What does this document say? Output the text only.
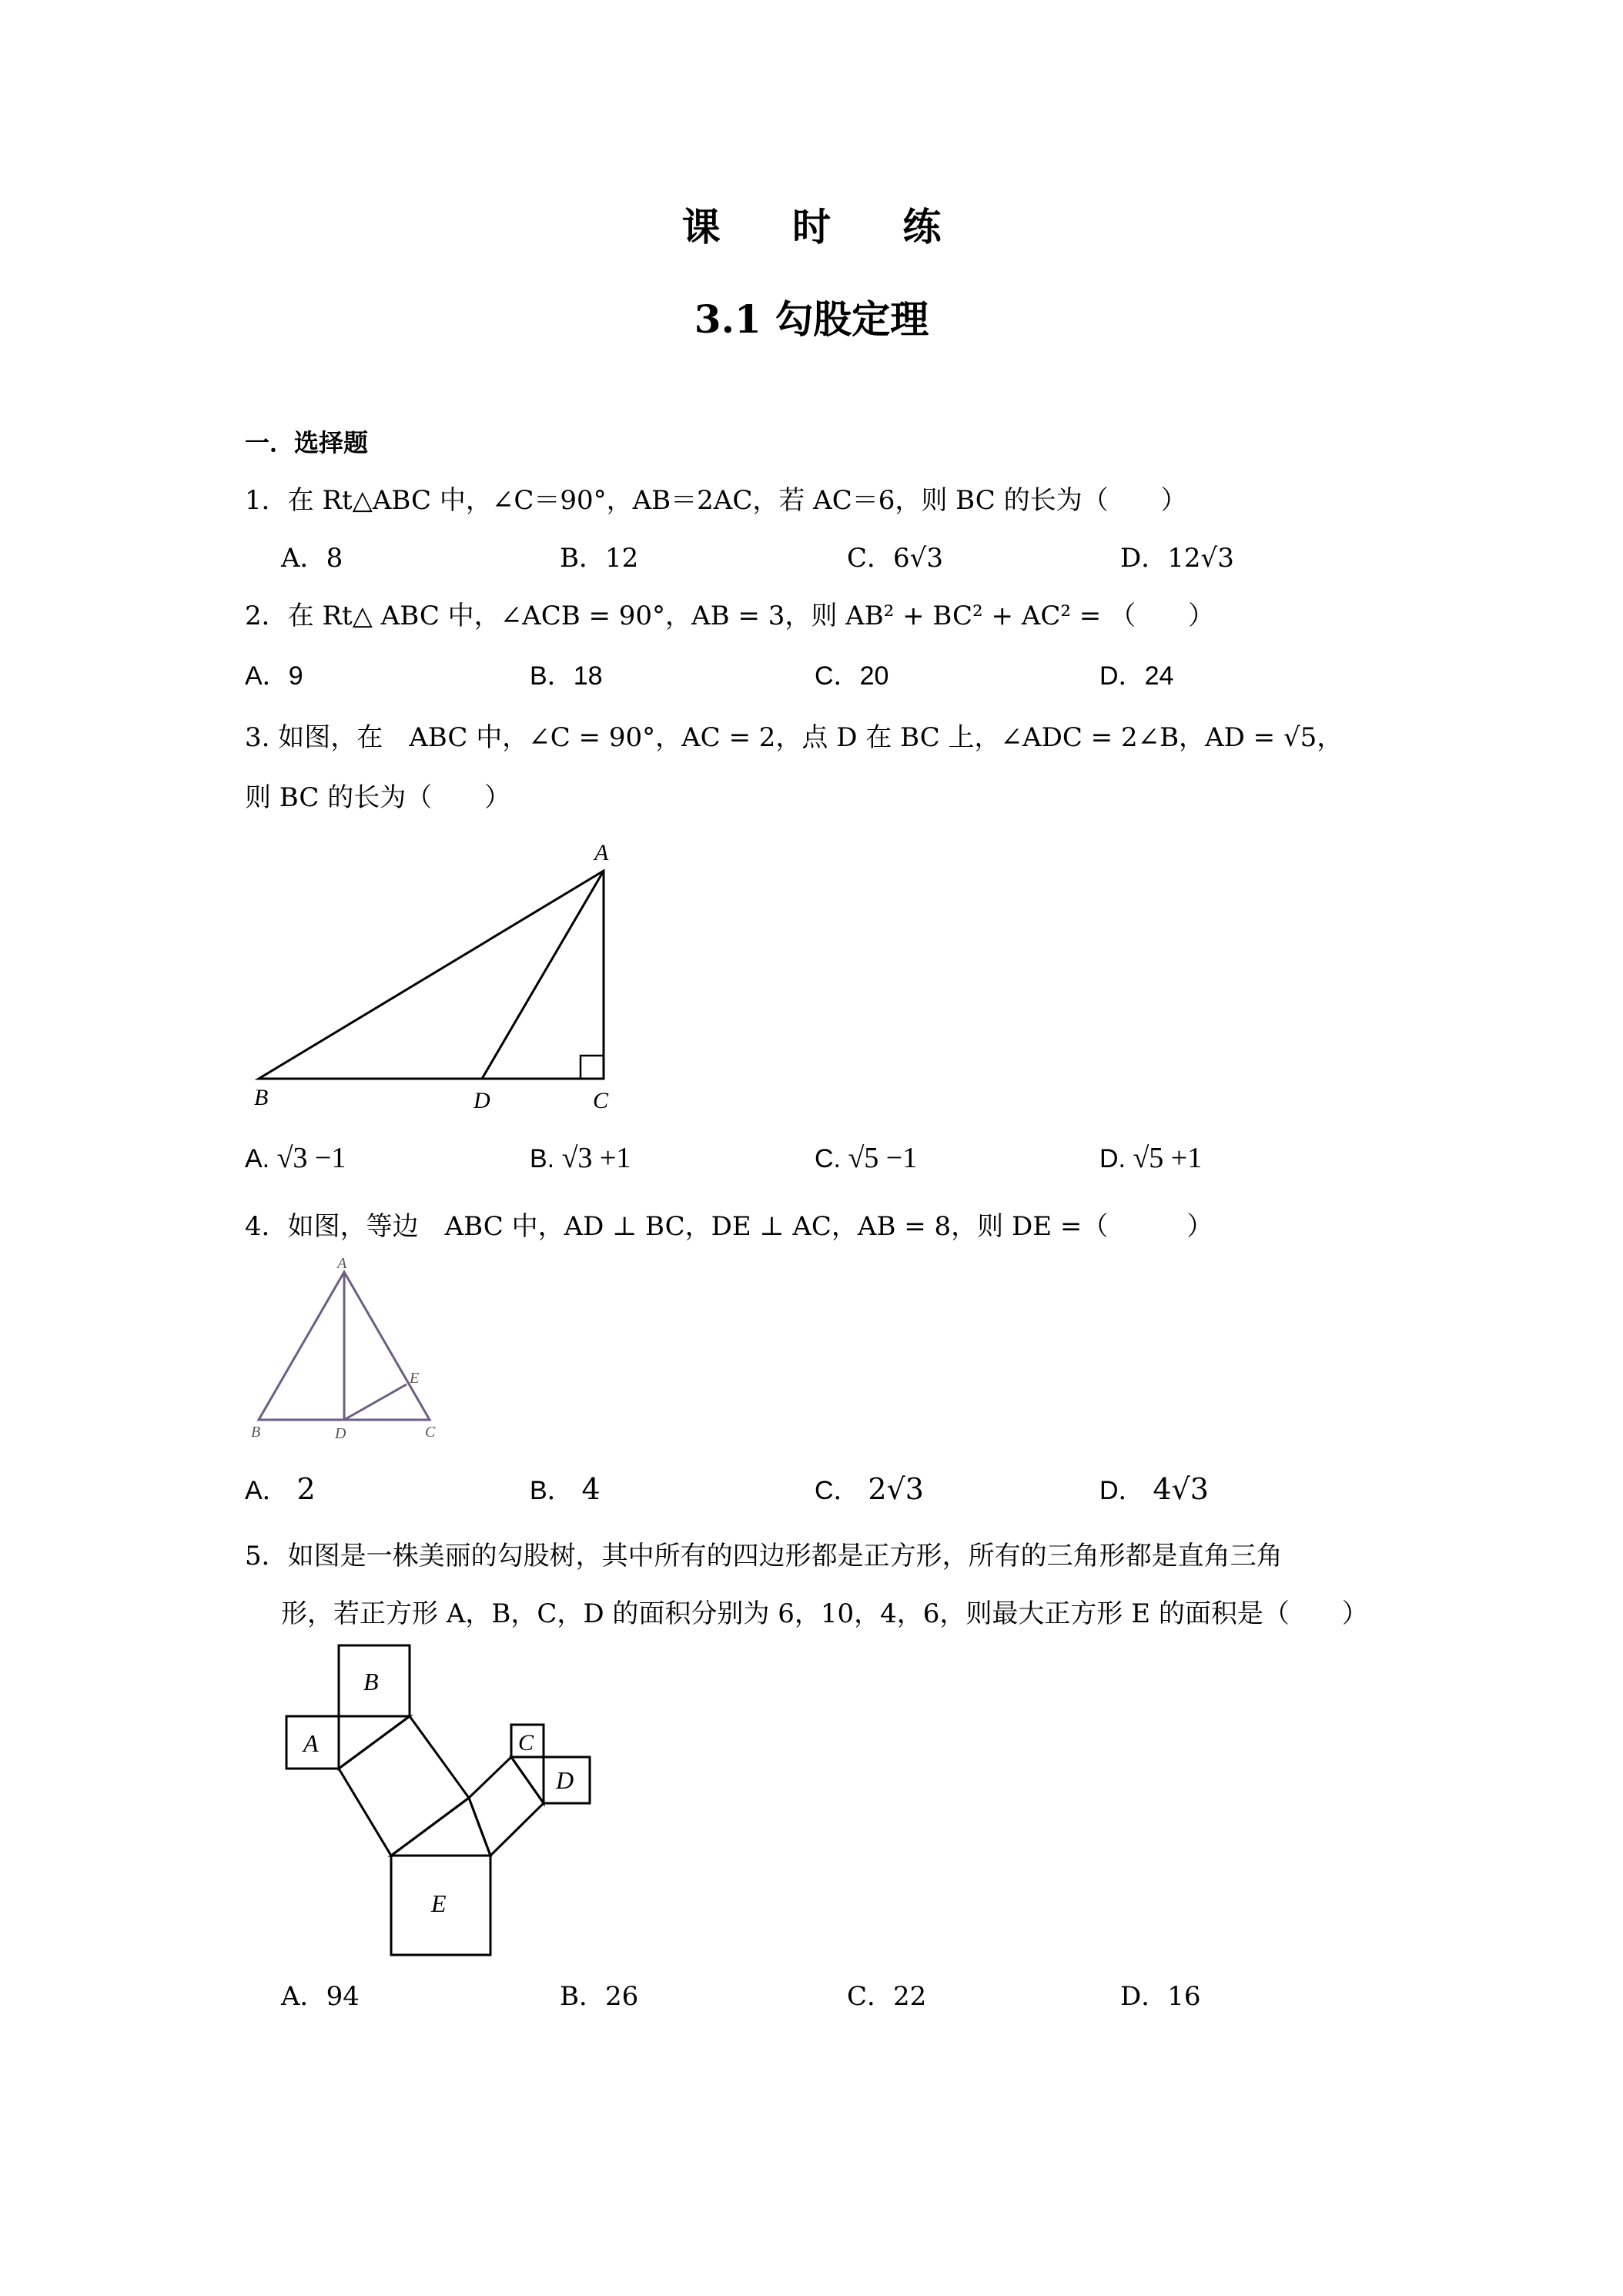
课 时 练
3.1 勾股定理
一．选择题
1．在 Rt△ABC 中，∠C＝90°，AB＝2AC，若 AC＝6，则 BC 的长为（　　）
A．8	B．12	C．6√3	D．12√3
2．在 Rt△ ABC 中，∠ACB = 90°，AB = 3，则 AB² + BC² + AC² = （　　）
A．9	B．18	C．20	D．24
3. 如图，在　ABC 中，∠C = 90°，AC = 2，点 D 在 BC 上，∠ADC = 2∠B，AD = √5，
则 BC 的长为（　　）
A
B	D	C
A. √3 −1	B. √3 +1	C. √5 −1	D. √5 +1
4．如图，等边　ABC 中，AD ⊥ BC，DE ⊥ AC，AB = 8，则 DE =（　　　）
A
B	D	C
E
A． 2	B． 4	C． 2√3	D． 4√3
5．如图是一株美丽的勾股树，其中所有的四边形都是正方形，所有的三角形都是直角三角
形，若正方形 A，B，C，D 的面积分别为 6，10，4，6，则最大正方形 E 的面积是（　　）
B
A	C
D
E
A．94	B．26	C．22	D．16
